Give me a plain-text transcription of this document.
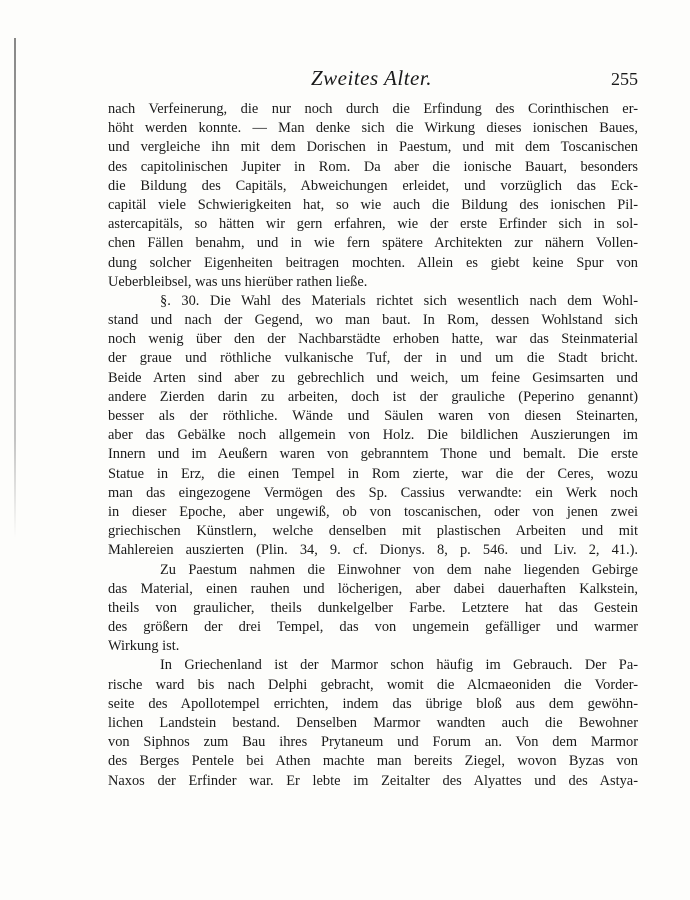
Zweites Alter.	255
nach Verfeinerung, die nur noch durch die Erfindung des Corinthischen er-
höht werden konnte. — Man denke sich die Wirkung dieses ionischen Baues,
und vergleiche ihn mit dem Dorischen in Paestum, und mit dem Toscanischen
des capitolinischen Jupiter in Rom. Da aber die ionische Bauart, besonders
die Bildung des Capitäls, Abweichungen erleidet, und vorzüglich das Eck-
capitäl viele Schwierigkeiten hat, so wie auch die Bildung des ionischen Pil-
astercapitäls, so hätten wir gern erfahren, wie der erste Erfinder sich in sol-
chen Fällen benahm, und in wie fern spätere Architekten zur nähern Vollen-
dung solcher Eigenheiten beitragen mochten. Allein es giebt keine Spur von
Ueberbleibsel, was uns hierüber rathen ließe.
§. 30. Die Wahl des Materials richtet sich wesentlich nach dem Wohl-
stand und nach der Gegend, wo man baut. In Rom, dessen Wohlstand sich
noch wenig über den der Nachbarstädte erhoben hatte, war das Steinmaterial
der graue und röthliche vulkanische Tuf, der in und um die Stadt bricht.
Beide Arten sind aber zu gebrechlich und weich, um feine Gesimsarten und
andere Zierden darin zu arbeiten, doch ist der grauliche (Peperino genannt)
besser als der röthliche. Wände und Säulen waren von diesen Steinarten,
aber das Gebälke noch allgemein von Holz. Die bildlichen Auszierungen im
Innern und im Aeußern waren von gebranntem Thone und bemalt. Die erste
Statue in Erz, die einen Tempel in Rom zierte, war die der Ceres, wozu
man das eingezogene Vermögen des Sp. Cassius verwandte: ein Werk noch
in dieser Epoche, aber ungewiß, ob von toscanischen, oder von jenen zwei
griechischen Künstlern, welche denselben mit plastischen Arbeiten und mit
Mahlereien auszierten (Plin. 34, 9. cf. Dionys. 8, p. 546. und Liv. 2, 41.).
Zu Paestum nahmen die Einwohner von dem nahe liegenden Gebirge
das Material, einen rauhen und löcherigen, aber dabei dauerhaften Kalkstein,
theils von graulicher, theils dunkelgelber Farbe. Letztere hat das Gestein
des größern der drei Tempel, das von ungemein gefälliger und warmer
Wirkung ist.
In Griechenland ist der Marmor schon häufig im Gebrauch. Der Pa-
rische ward bis nach Delphi gebracht, womit die Alcmaeoniden die Vorder-
seite des Apollotempel errichten, indem das übrige bloß aus dem gewöhn-
lichen Landstein bestand. Denselben Marmor wandten auch die Bewohner
von Siphnos zum Bau ihres Prytaneum und Forum an. Von dem Marmor
des Berges Pentele bei Athen machte man bereits Ziegel, wovon Byzas von
Naxos der Erfinder war. Er lebte im Zeitalter des Alyattes und des Astya-
